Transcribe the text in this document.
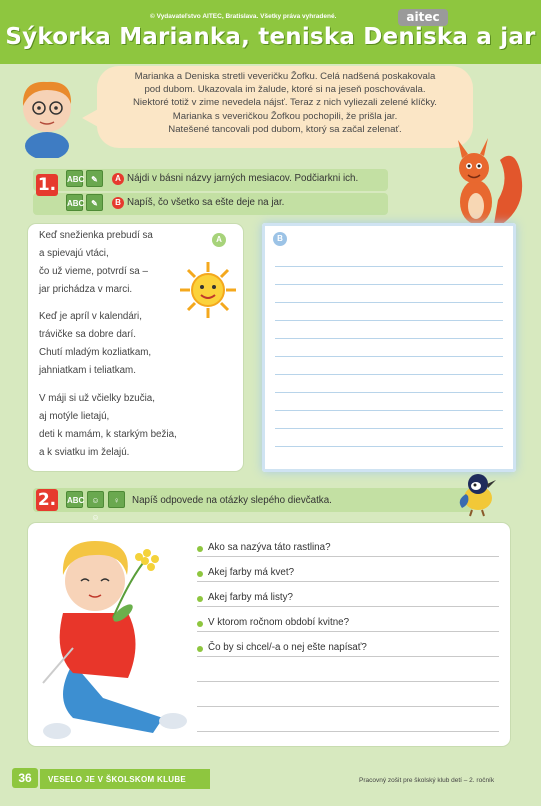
© Vydavateľstvo AITEC, Bratislava. Všetky práva vyhradené.	aitec
Sýkorka Marianka, teniska Deniska a jar
Marianka a Deniska stretli veveričku Žofku. Celá nadšená poskakovala
pod dubom. Ukazovala im žalude, ktoré si na jeseň poschovávala.
Niektoré totiž v zime nevedela nájsť. Teraz z nich vyliezali zelené klíčky.
Marianka s veveričkou Žofkou pochopili, že prišla jar.
Natešené tancovali pod dubom, ktorý sa začal zelenať.
1. ABC ✎	A Nájdi v básni názvy jarných mesiacov. Podčiarkni ich.
ABC ✎	B Napíš, čo všetko sa ešte deje na jar.
A
Keď snežienka prebudí sa
a spievajú vtáci,
čo už vieme, potvrdí sa –
jar prichádza v marci.
Keď je apríl v kalendári,
trávičke sa dobre darí.
Chutí mladým kozliatkam,
jahniatkam i teliatkam.
V máji si už včielky bzučia,
aj motýle lietajú,
deti k mamám, k starkým bežia,
a k sviatku im želajú.
B
2. ABC ☺☺
♀	Napíš odpovede na otázky slepého dievčatka.
Ako sa nazýva táto rastlina?
Akej farby má kvet?
Akej farby má listy?
V ktorom ročnom období kvitne?
Čo by si chcel/-a o nej ešte napísať?
36	VESELO JE V ŠKOLSKOM KLUBE	Pracovný zošit pre školský klub detí – 2. ročník
